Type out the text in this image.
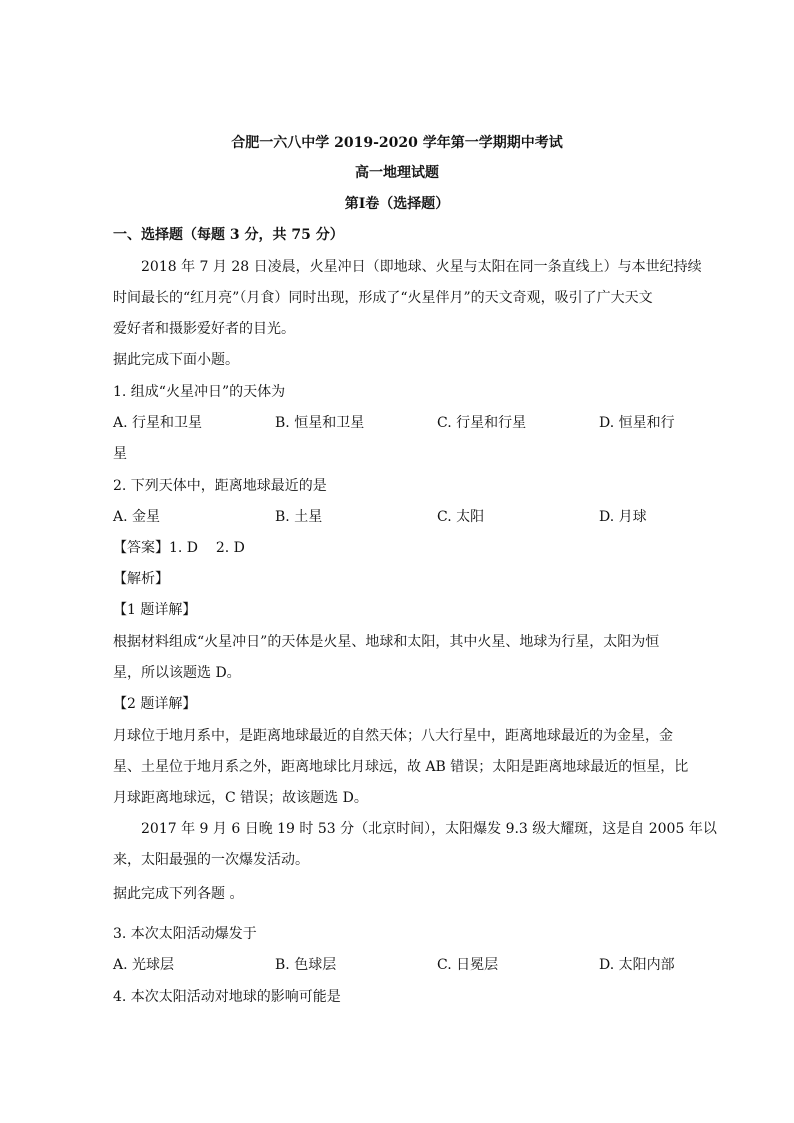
合肥一六八中学 2019-2020 学年第一学期期中考试
高一地理试题
第Ⅰ卷（选择题）
一、选择题（每题 3 分，共 75 分）
2018 年 7 月 28 日凌晨，火星冲日（即地球、火星与太阳在同一条直线上）与本世纪持续
时间最长的“红月亮”（月食）同时出现，形成了“火星伴月”的天文奇观，吸引了广大天文
爱好者和摄影爱好者的目光。
据此完成下面小题。
1. 组成“火星冲日”的天体为
A. 行星和卫星	B. 恒星和卫星	C. 行星和行星	D. 恒星和行
星
2. 下列天体中，距离地球最近的是
A. 金星	B. 土星	C. 太阳	D. 月球
【答案】1. D    2. D
【解析】
【1 题详解】
根据材料组成“火星冲日”的天体是火星、地球和太阳，其中火星、地球为行星，太阳为恒
星，所以该题选 D。
【2 题详解】
月球位于地月系中，是距离地球最近的自然天体；八大行星中，距离地球最近的为金星，金
星、土星位于地月系之外，距离地球比月球远，故 AB 错误；太阳是距离地球最近的恒星，比
月球距离地球远，C 错误；故该题选 D。
2017 年 9 月 6 日晚 19 时 53 分（北京时间），太阳爆发 9.3 级大耀斑，这是自 2005 年以
来，太阳最强的一次爆发活动。
据此完成下列各题 。
3. 本次太阳活动爆发于
A. 光球层	B. 色球层	C. 日冕层	D. 太阳内部
4. 本次太阳活动对地球的影响可能是
